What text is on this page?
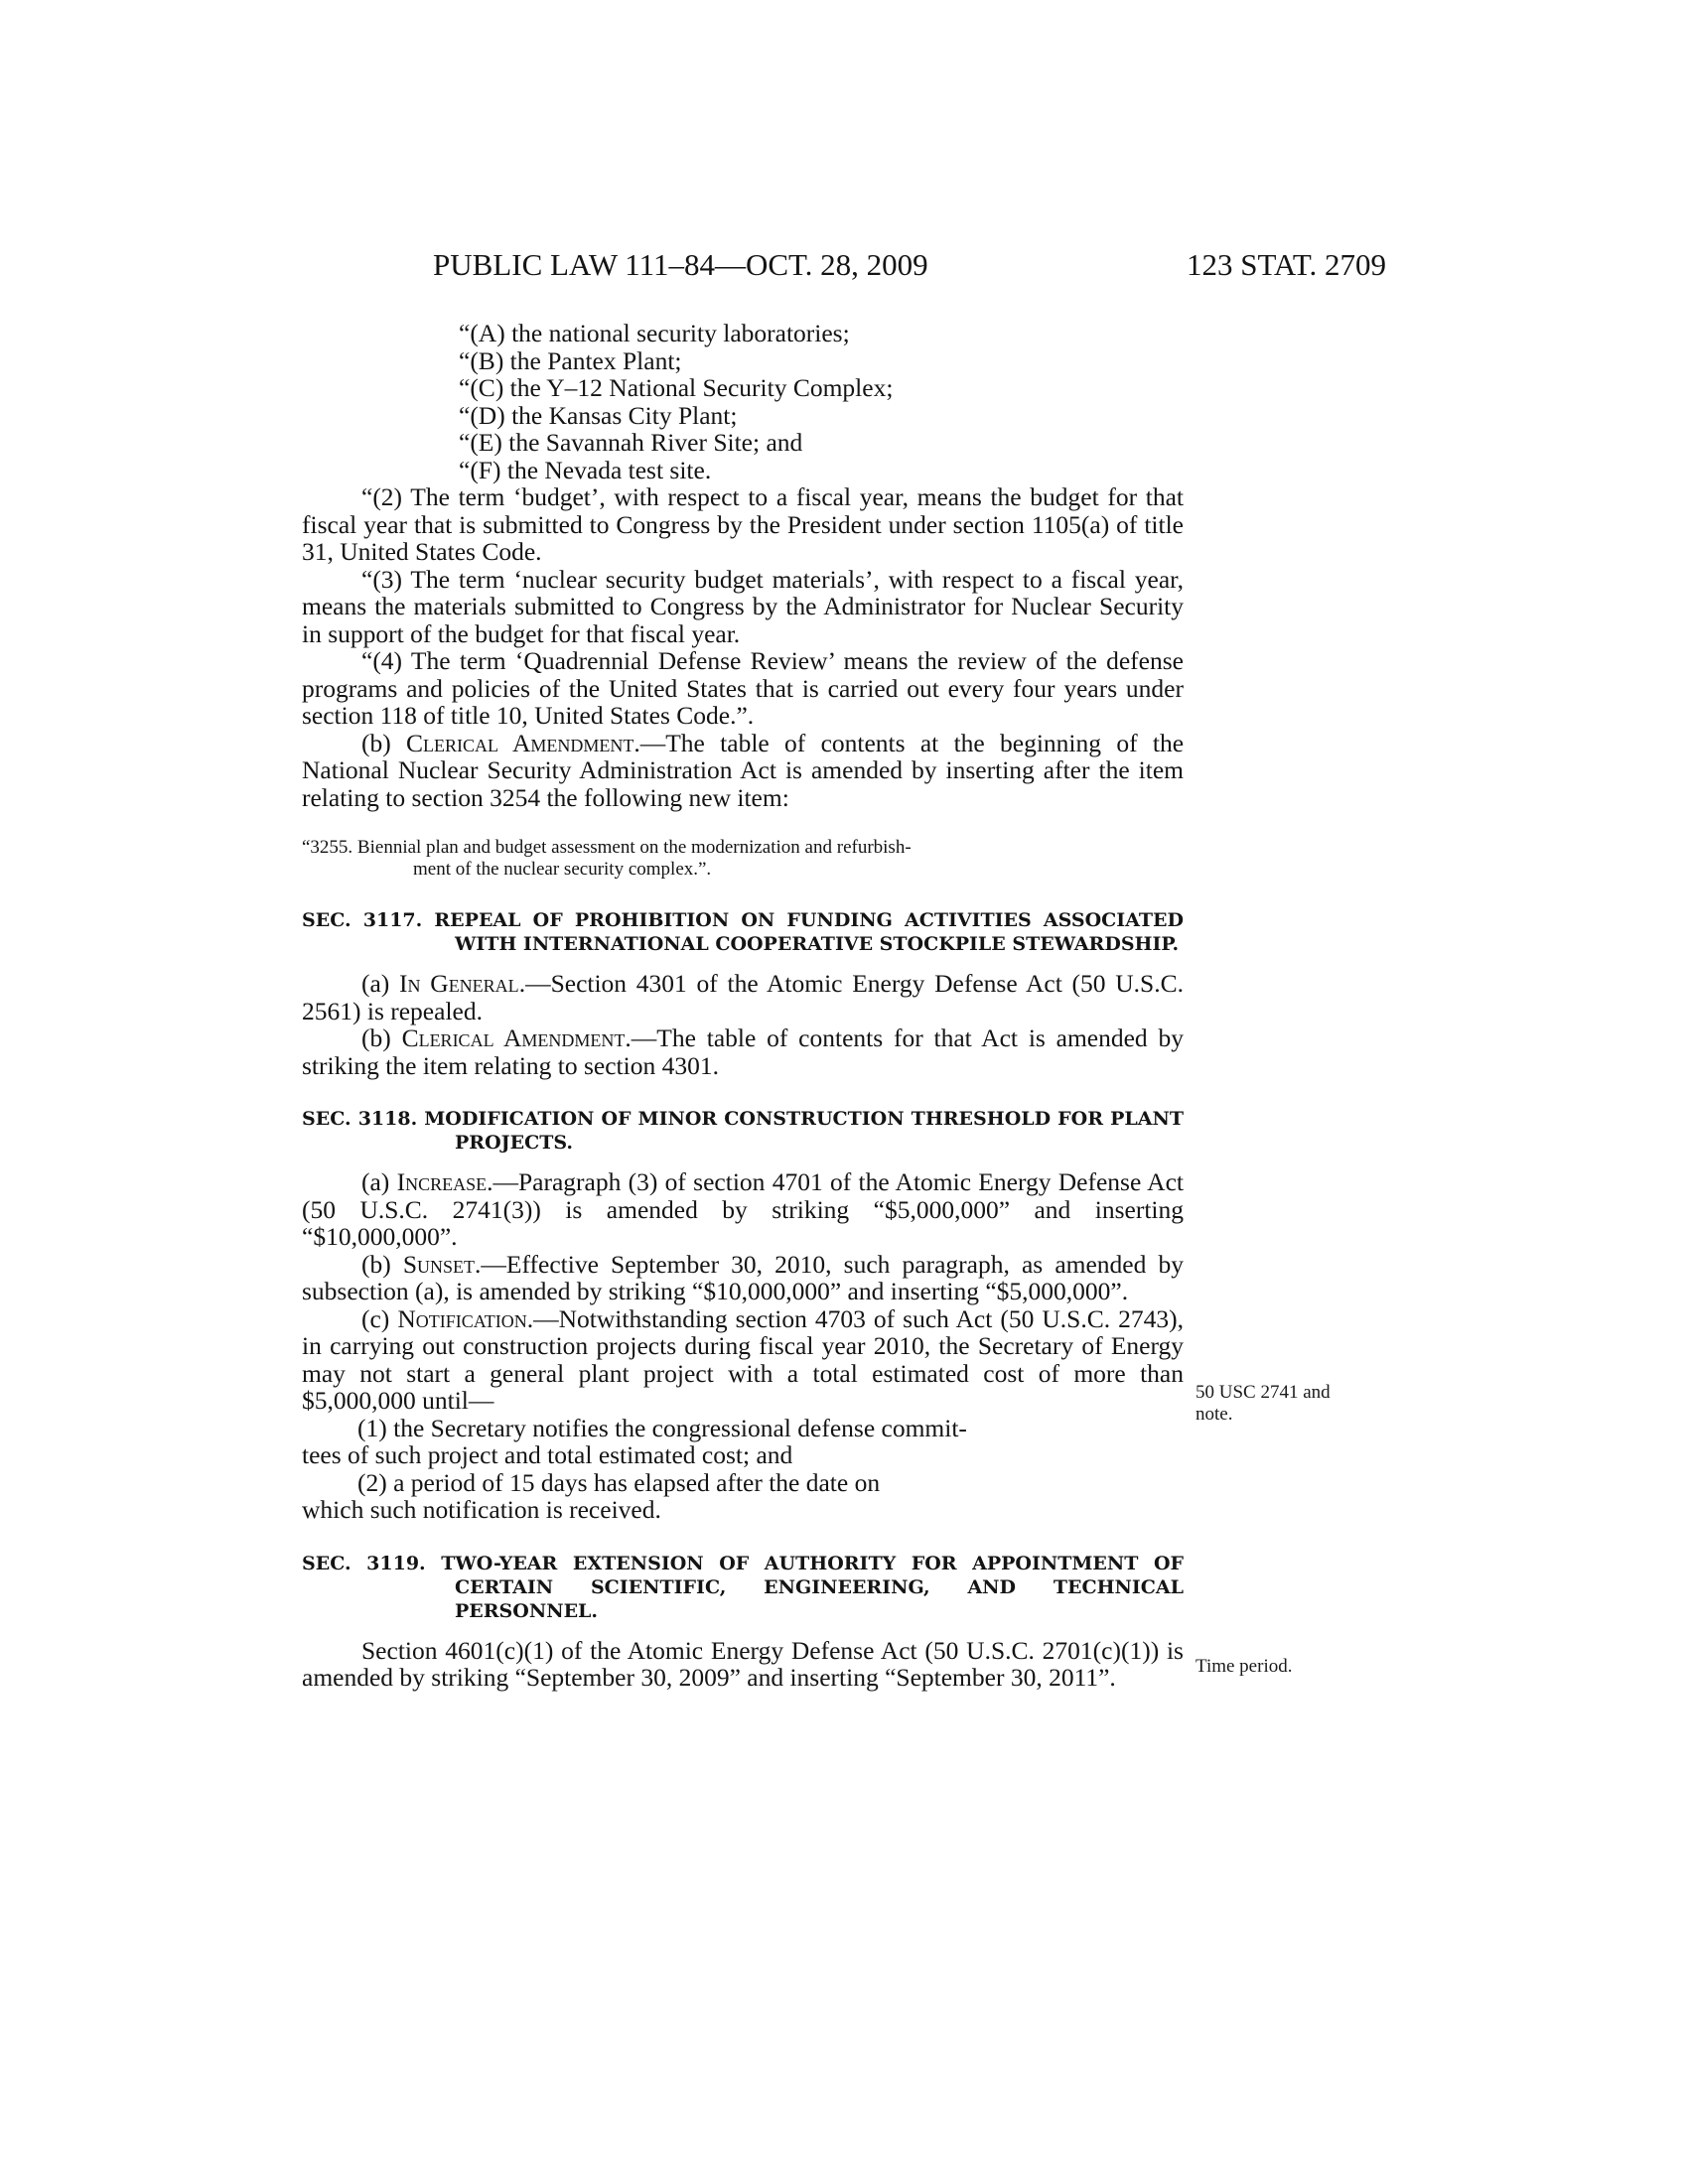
PUBLIC LAW 111–84—OCT. 28, 2009	123 STAT. 2709
“(A) the national security laboratories;
“(B) the Pantex Plant;
“(C) the Y–12 National Security Complex;
“(D) the Kansas City Plant;
“(E) the Savannah River Site; and
“(F) the Nevada test site.

“(2) The term ‘budget’, with respect to a fiscal year, means the budget for that fiscal year that is submitted to Congress by the President under section 1105(a) of title 31, United States Code.

“(3) The term ‘nuclear security budget materials’, with respect to a fiscal year, means the materials submitted to Congress by the Administrator for Nuclear Security in support of the budget for that fiscal year.

“(4) The term ‘Quadrennial Defense Review’ means the review of the defense programs and policies of the United States that is carried out every four years under section 118 of title 10, United States Code.”.

(b) Clerical Amendment.—The table of contents at the beginning of the National Nuclear Security Administration Act is amended by inserting after the item relating to section 3254 the following new item:

“3255. Biennial plan and budget assessment on the modernization and refurbish-
ment of the nuclear security complex.”.
SEC. 3117. REPEAL OF PROHIBITION ON FUNDING ACTIVITIES ASSOCIATED WITH INTERNATIONAL COOPERATIVE STOCKPILE STEWARDSHIP.

(a) In General.—Section 4301 of the Atomic Energy Defense Act (50 U.S.C. 2561) is repealed.

(b) Clerical Amendment.—The table of contents for that Act is amended by striking the item relating to section 4301.

SEC. 3118. MODIFICATION OF MINOR CONSTRUCTION THRESHOLD FOR PLANT PROJECTS.

(a) Increase.—Paragraph (3) of section 4701 of the Atomic Energy Defense Act (50 U.S.C. 2741(3)) is amended by striking “$5,000,000” and inserting “$10,000,000”.

(b) Sunset.—Effective September 30, 2010, such paragraph, as amended by subsection (a), is amended by striking “$10,000,000” and inserting “$5,000,000”.

(c) Notification.—Notwithstanding section 4703 of such Act (50 U.S.C. 2743), in carrying out construction projects during fiscal year 2010, the Secretary of Energy may not start a general plant project with a total estimated cost of more than $5,000,000 until—

(1) the Secretary notifies the congressional defense commit-

tees of such project and total estimated cost; and

(2) a period of 15 days has elapsed after the date on

which such notification is received.

SEC. 3119. TWO-YEAR EXTENSION OF AUTHORITY FOR APPOINTMENT OF CERTAIN SCIENTIFIC, ENGINEERING, AND TECHNICAL PERSONNEL.

Section 4601(c)(1) of the Atomic Energy Defense Act (50 U.S.C. 2701(c)(1)) is amended by striking “September 30, 2009” and inserting “September 30, 2011”.

50 USC 2741 and
note.
Time period.
